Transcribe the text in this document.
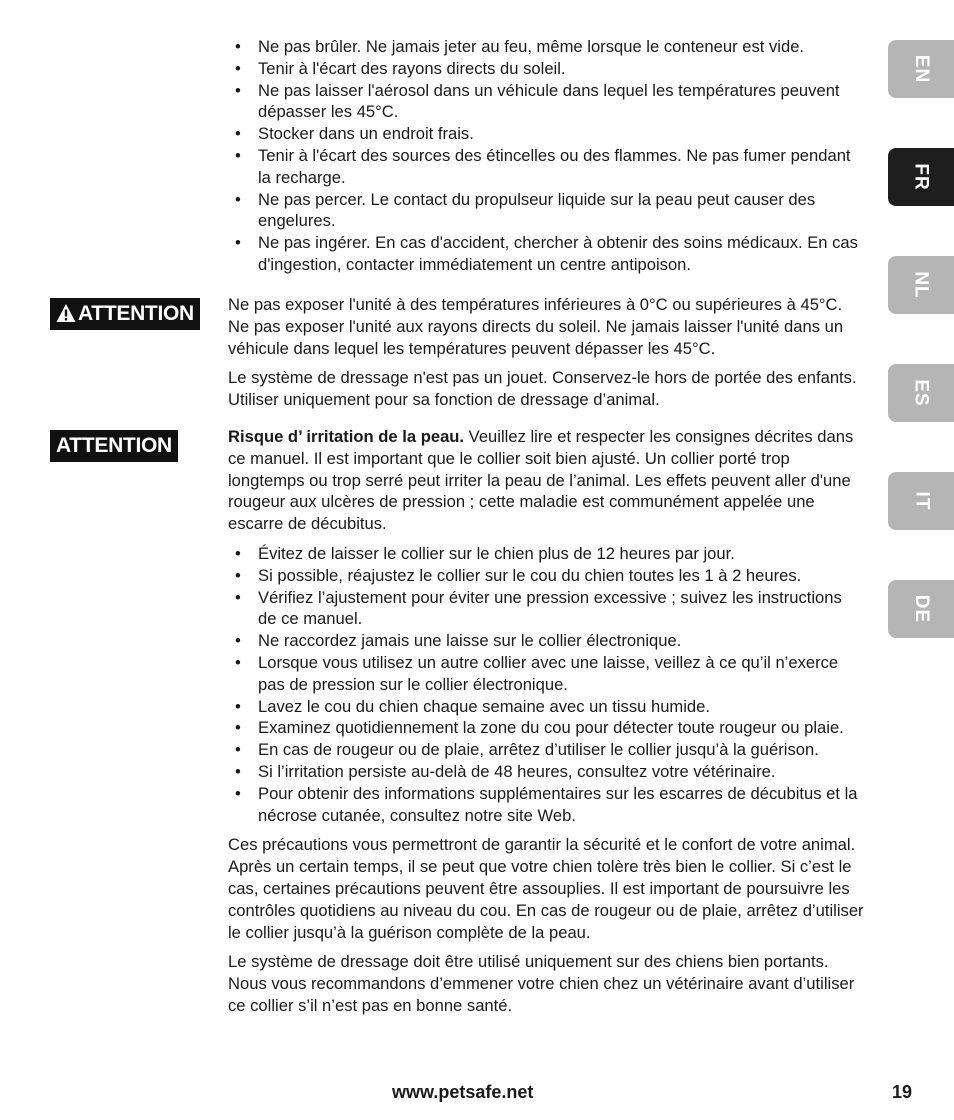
• Ne pas brûler. Ne jamais jeter au feu, même lorsque le conteneur est vide.
• Tenir à l'écart des rayons directs du soleil.
• Ne pas laisser l'aérosol dans un véhicule dans lequel les températures peuvent dépasser les 45°C.
• Stocker dans un endroit frais.
• Tenir à l'écart des sources des étincelles ou des flammes. Ne pas fumer pendant la recharge.
• Ne pas percer. Le contact du propulseur liquide sur la peau peut causer des engelures.
• Ne pas ingérer. En cas d'accident, chercher à obtenir des soins médicaux. En cas d'ingestion, contacter immédiatement un centre antipoison.
ATTENTION	Ne pas exposer l'unité à des températures inférieures à 0°C ou supérieures à 45°C. Ne pas exposer l'unité aux rayons directs du soleil. Ne jamais laisser l'unité dans un véhicule dans lequel les températures peuvent dépasser les 45°C.

Le système de dressage n'est pas un jouet. Conservez-le hors de portée des enfants. Utiliser uniquement pour sa fonction de dressage d’animal.

ATTENTION	Risque d’ irritation de la peau. Veuillez lire et respecter les consignes décrites dans ce manuel. Il est important que le collier soit bien ajusté. Un collier porté trop longtemps ou trop serré peut irriter la peau de l’animal. Les effets peuvent aller d'une rougeur aux ulcères de pression ; cette maladie est communément appelée une escarre de décubitus.

• Évitez de laisser le collier sur le chien plus de 12 heures par jour.
• Si possible, réajustez le collier sur le cou du chien toutes les 1 à 2 heures.
• Vérifiez l’ajustement pour éviter une pression excessive ; suivez les instructions de ce manuel.
• Ne raccordez jamais une laisse sur le collier électronique.
• Lorsque vous utilisez un autre collier avec une laisse, veillez à ce qu’il n’exerce pas de pression sur le collier électronique.
• Lavez le cou du chien chaque semaine avec un tissu humide.
• Examinez quotidiennement la zone du cou pour détecter toute rougeur ou plaie.
• En cas de rougeur ou de plaie, arrêtez d’utiliser le collier jusqu’à la guérison.
• Si l’irritation persiste au-delà de 48 heures, consultez votre vétérinaire.
• Pour obtenir des informations supplémentaires sur les escarres de décubitus et la nécrose cutanée, consultez notre site Web.

Ces précautions vous permettront de garantir la sécurité et le confort de votre animal. Après un certain temps, il se peut que votre chien tolère très bien le collier. Si c’est le cas, certaines précautions peuvent être assouplies. Il est important de poursuivre les contrôles quotidiens au niveau du cou. En cas de rougeur ou de plaie, arrêtez d’utiliser le collier jusqu’à la guérison complète de la peau.

Le système de dressage doit être utilisé uniquement sur des chiens bien portants. Nous vous recommandons d’emmener votre chien chez un vétérinaire avant d’utiliser ce collier s’il n’est pas en bonne santé.

EN
FR
NL
ES
IT
DE
www.petsafe.net	19
